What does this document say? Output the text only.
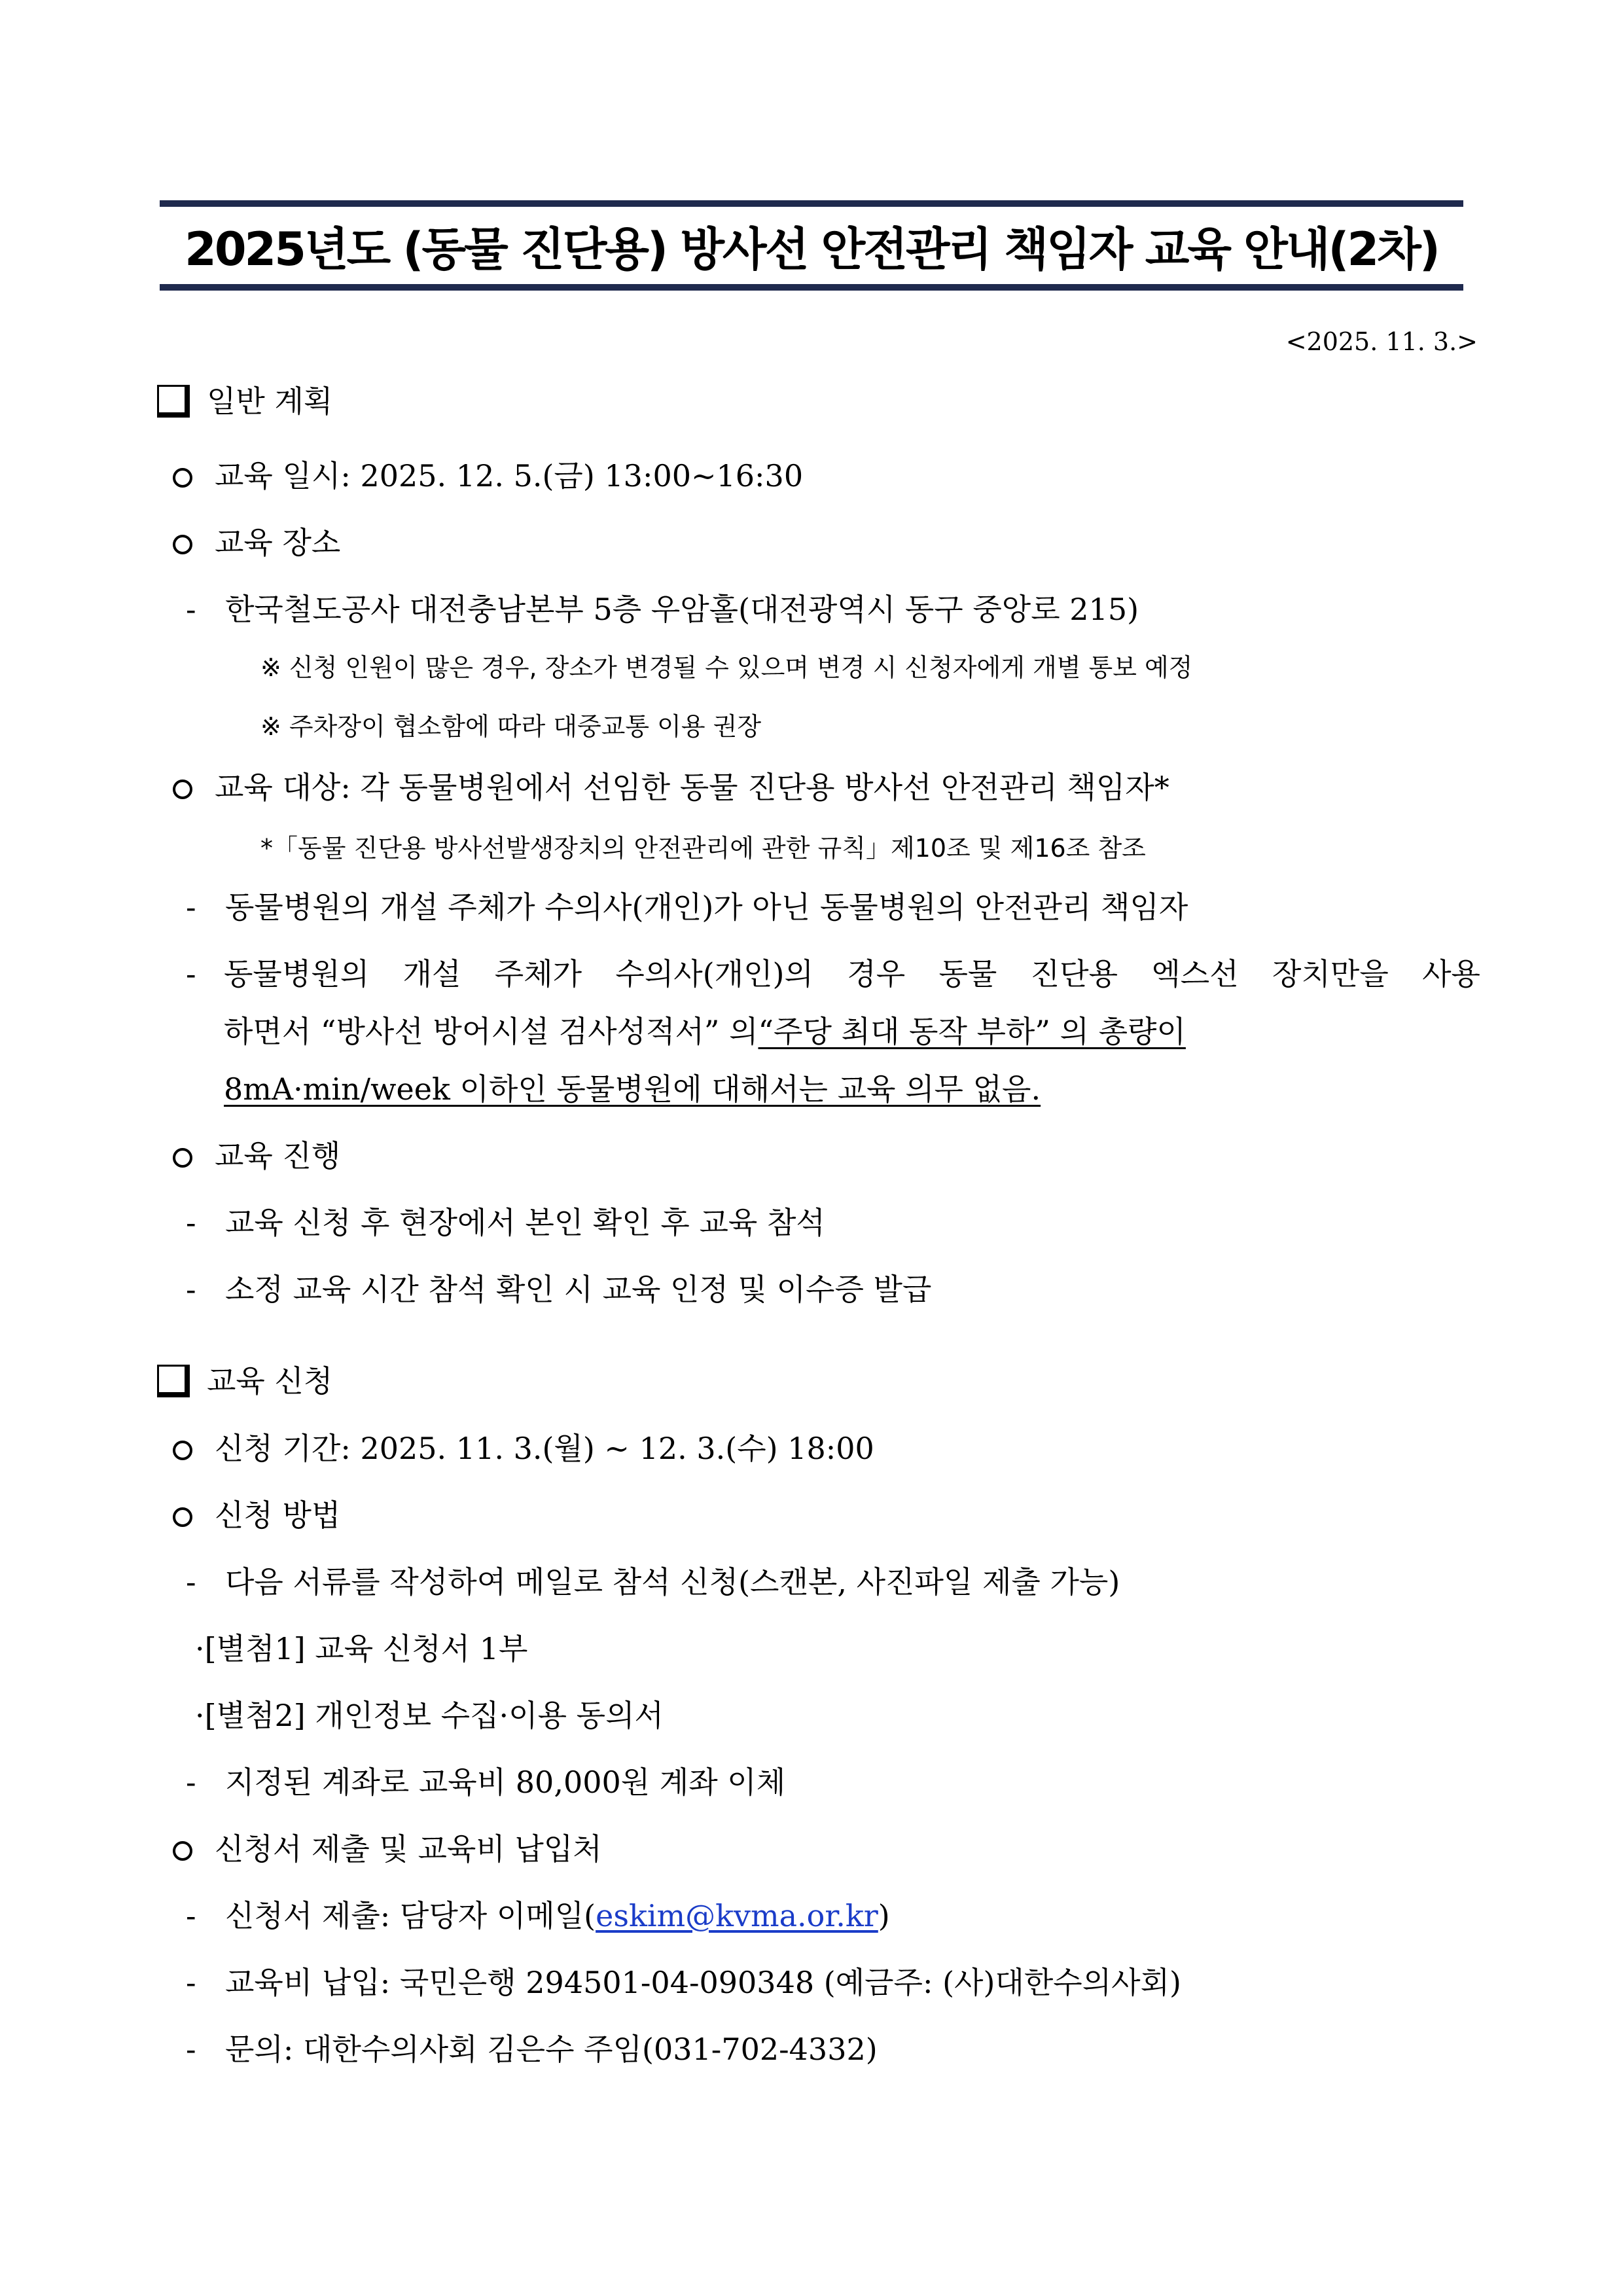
2025년도 (동물 진단용) 방사선 안전관리 책임자 교육 안내(2차)
<2025. 11. 3.>
일반 계획
교육 일시: 2025. 12. 5.(금) 13:00~16:30
교육 장소
- 한국철도공사 대전충남본부 5층 우암홀(대전광역시 동구 중앙로 215)
※ 신청 인원이 많은 경우, 장소가 변경될 수 있으며 변경 시 신청자에게 개별 통보 예정
※ 주차장이 협소함에 따라 대중교통 이용 권장
교육 대상: 각 동물병원에서 선임한 동물 진단용 방사선 안전관리 책임자*
*「동물 진단용 방사선발생장치의 안전관리에 관한 규칙」제10조 및 제16조 참조
- 동물병원의 개설 주체가 수의사(개인)가 아닌 동물병원의 안전관리 책임자
- 동물병원의 개설 주체가 수의사(개인)의 경우 동물 진단용 엑스선 장치만을 사용
하면서 “방사선 방어시설 검사성적서” 의“주당 최대 동작 부하” 의 총량이
8mA·min/week 이하인 동물병원에 대해서는 교육 의무 없음.
교육 진행
- 교육 신청 후 현장에서 본인 확인 후 교육 참석
- 소정 교육 시간 참석 확인 시 교육 인정 및 이수증 발급
교육 신청
신청 기간: 2025. 11. 3.(월) ~ 12. 3.(수) 18:00
신청 방법
- 다음 서류를 작성하여 메일로 참석 신청(스캔본, 사진파일 제출 가능)
·[별첨1] 교육 신청서 1부
·[별첨2] 개인정보 수집·이용 동의서
- 지정된 계좌로 교육비 80,000원 계좌 이체
신청서 제출 및 교육비 납입처
- 신청서 제출: 담당자 이메일(eskim@kvma.or.kr)
- 교육비 납입: 국민은행 294501-04-090348 (예금주: (사)대한수의사회)
- 문의: 대한수의사회 김은수 주임(031-702-4332)
